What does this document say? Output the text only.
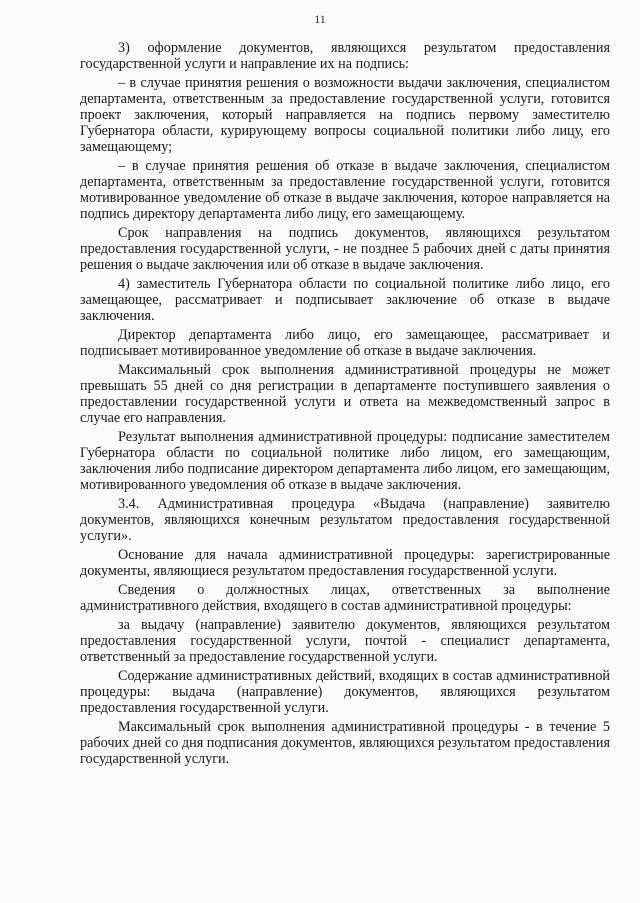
11

3) оформление документов, являющихся результатом предоставления государственной услуги и направление их на подпись:

– в случае принятия решения о возможности выдачи заключения, специалистом департамента, ответственным за предоставление государственной услуги, готовится проект заключения, который направляется на подпись первому заместителю Губернатора области, курирующему вопросы социальной политики либо лицу, его замещающему;

– в случае принятия решения об отказе в выдаче заключения, специалистом департамента, ответственным за предоставление государственной услуги, готовится мотивированное уведомление об отказе в выдаче заключения, которое направляется на подпись директору департамента либо лицу, его замещающему.

Срок направления на подпись документов, являющихся результатом предоставления государственной услуги, - не позднее 5 рабочих дней с даты принятия решения о выдаче заключения или об отказе в выдаче заключения.

4) заместитель Губернатора области по социальной политике либо лицо, его замещающее, рассматривает и подписывает заключение об отказе в выдаче заключения.

Директор департамента либо лицо, его замещающее, рассматривает и подписывает мотивированное уведомление об отказе в выдаче заключения.

Максимальный срок выполнения административной процедуры не может превышать 55 дней со дня регистрации в департаменте поступившего заявления о предоставлении государственной услуги и ответа на межведомственный запрос в случае его направления.

Результат выполнения административной процедуры: подписание заместителем Губернатора области по социальной политике либо лицом, его замещающим, заключения либо подписание директором департамента либо лицом, его замещающим, мотивированного уведомления об отказе в выдаче заключения.

3.4. Административная процедура «Выдача (направление) заявителю документов, являющихся конечным результатом предоставления государственной услуги».

Основание для начала административной процедуры: зарегистрированные документы, являющиеся результатом предоставления государственной услуги.

Сведения о должностных лицах, ответственных за выполнение административного действия, входящего в состав административной процедуры:

за выдачу (направление) заявителю документов, являющихся результатом предоставления государственной услуги, почтой - специалист департамента, ответственный за предоставление государственной услуги.

Содержание административных действий, входящих в состав административной процедуры: выдача (направление) документов, являющихся результатом предоставления государственной услуги.

Максимальный срок выполнения административной процедуры - в течение 5 рабочих дней со дня подписания документов, являющихся результатом предоставления государственной услуги.
